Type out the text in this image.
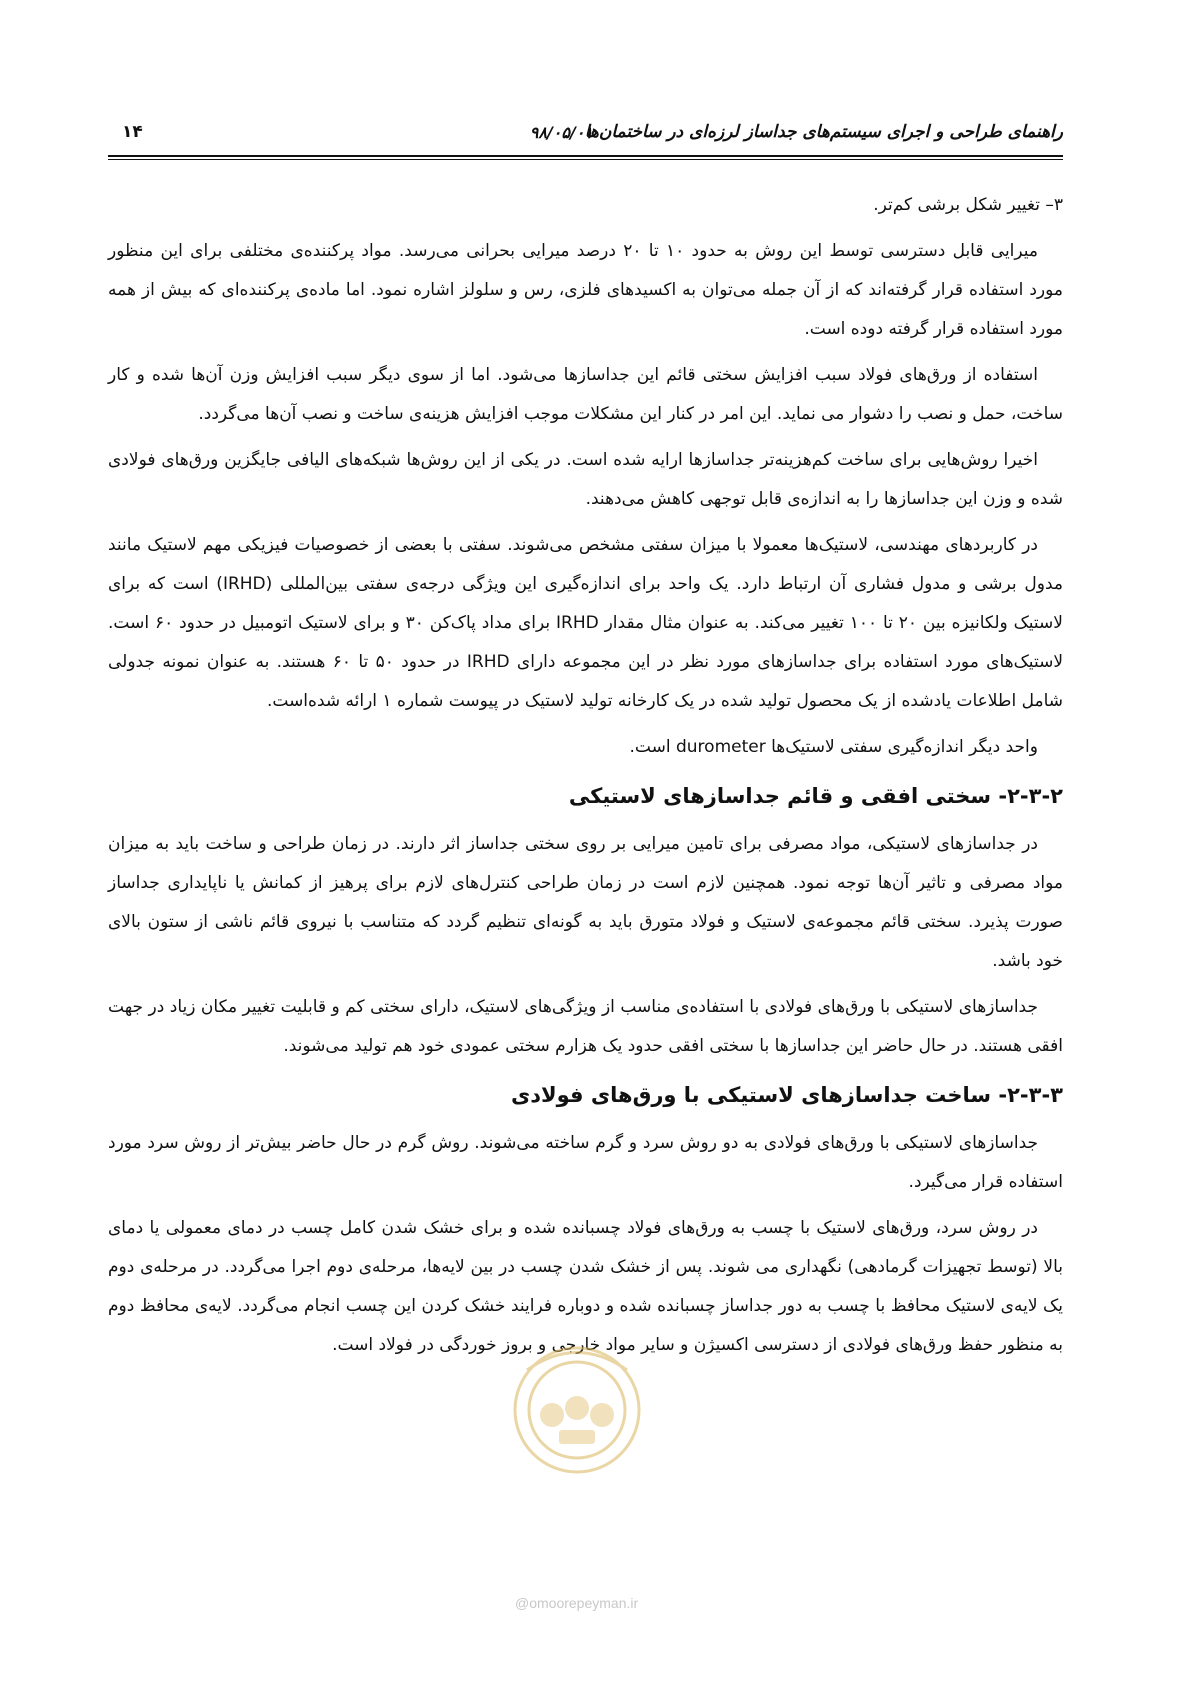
راهنمای طراحی و اجرای سیستم‌های جداساز لرزه‌ای در ساختمان‌ها
۹۸/۰۵/۰۱
۱۴

۳– تغییر شکل برشی کم‌تر.

میرایی قابل دسترسی توسط این روش به حدود ۱۰ تا ۲۰ درصد میرایی بحرانی می‌رسد. مواد پرکننده‌ی مختلفی برای این منظور مورد استفاده قرار گرفته‌اند که از آن جمله می‌توان به اکسیدهای فلزی، رس و سلولز اشاره نمود. اما ماده‌ی پرکننده‌ای که بیش از همه مورد استفاده قرار گرفته دوده است.

استفاده از ورق‌های فولاد سبب افزایش سختی قائم این جداسازها می‌شود. اما از سوی دیگر سبب افزایش وزن آن‌ها شده و کار ساخت، حمل و نصب را دشوار می نماید. این امر در کنار این مشکلات موجب افزایش هزینه‌ی ساخت و نصب آن‌ها می‌گردد.

اخیرا روش‌هایی برای ساخت کم‌هزینه‌تر جداسازها ارایه شده است. در یکی از این روش‌ها شبکه‌های الیافی جایگزین ورق‌های فولادی شده و وزن این جداسازها را به اندازه‌ی قابل توجهی کاهش می‌دهند.

در کاربردهای مهندسی، لاستیک‌ها معمولا با میزان سفتی مشخص می‌شوند. سفتی با بعضی از خصوصیات فیزیکی مهم لاستیک مانند مدول برشی و مدول فشاری آن ارتباط دارد. یک واحد برای اندازه‌گیری این ویژگی درجه‌ی سفتی بین‌المللی (IRHD) است که برای لاستیک ولکانیزه بین ۲۰ تا ۱۰۰ تغییر می‌کند. به عنوان مثال مقدار IRHD برای مداد پاک‌کن ۳۰ و برای لاستیک اتومبیل در حدود ۶۰ است. لاستیک‌های مورد استفاده برای جداسازهای مورد نظر در این مجموعه دارای IRHD در حدود ۵۰ تا ۶۰ هستند. به عنوان نمونه جدولی شامل اطلاعات یادشده از یک محصول تولید شده در یک کارخانه تولید لاستیک در پیوست شماره ۱ ارائه شده‌است.

واحد دیگر اندازه‌گیری سفتی لاستیک‌ها durometer است.

۲-۳-۲- سختی افقی و قائم جداسازهای لاستیکی

در جداسازهای لاستیکی، مواد مصرفی برای تامین میرایی بر روی سختی جداساز اثر دارند. در زمان طراحی و ساخت باید به میزان مواد مصرفی و تاثیر آن‌ها توجه نمود. همچنین لازم است در زمان طراحی کنترل‌های لازم برای پرهیز از کمانش یا ناپایداری جداساز صورت پذیرد. سختی قائم مجموعه‌ی لاستیک و فولاد متورق باید به گونه‌ای تنظیم گردد که متناسب با نیروی قائم ناشی از ستون بالای خود باشد.

جداسازهای لاستیکی با ورق‌های فولادی با استفاده‌ی مناسب از ویژگی‌های لاستیک، دارای سختی کم و قابلیت تغییر مکان زیاد در جهت افقی هستند. در حال حاضر این جداسازها با سختی افقی حدود یک هزارم سختی عمودی خود هم تولید می‌شوند.

۲-۳-۳- ساخت جداسازهای لاستیکی با ورق‌های فولادی

جداسازهای لاستیکی با ورق‌های فولادی به دو روش سرد و گرم ساخته می‌شوند. روش گرم در حال حاضر بیش‌تر از روش سرد مورد استفاده قرار می‌گیرد.

در روش سرد، ورق‌های لاستیک با چسب به ورق‌های فولاد چسبانده شده و برای خشک شدن کامل چسب در دمای معمولی یا دمای بالا (توسط تجهیزات گرمادهی) نگهداری می شوند. پس از خشک شدن چسب در بین لایه‌ها، مرحله‌ی دوم اجرا می‌گردد. در مرحله‌ی دوم یک لایه‌ی لاستیک محافظ با چسب به دور جداساز چسبانده شده و دوباره فرایند خشک کردن این چسب انجام می‌گردد. لایه‌ی محافظ دوم به منظور حفظ ورق‌های فولادی از دسترسی اکسیژن و سایر مواد خارجی و بروز خوردگی در فولاد است.

@omoorepeyman.ir
